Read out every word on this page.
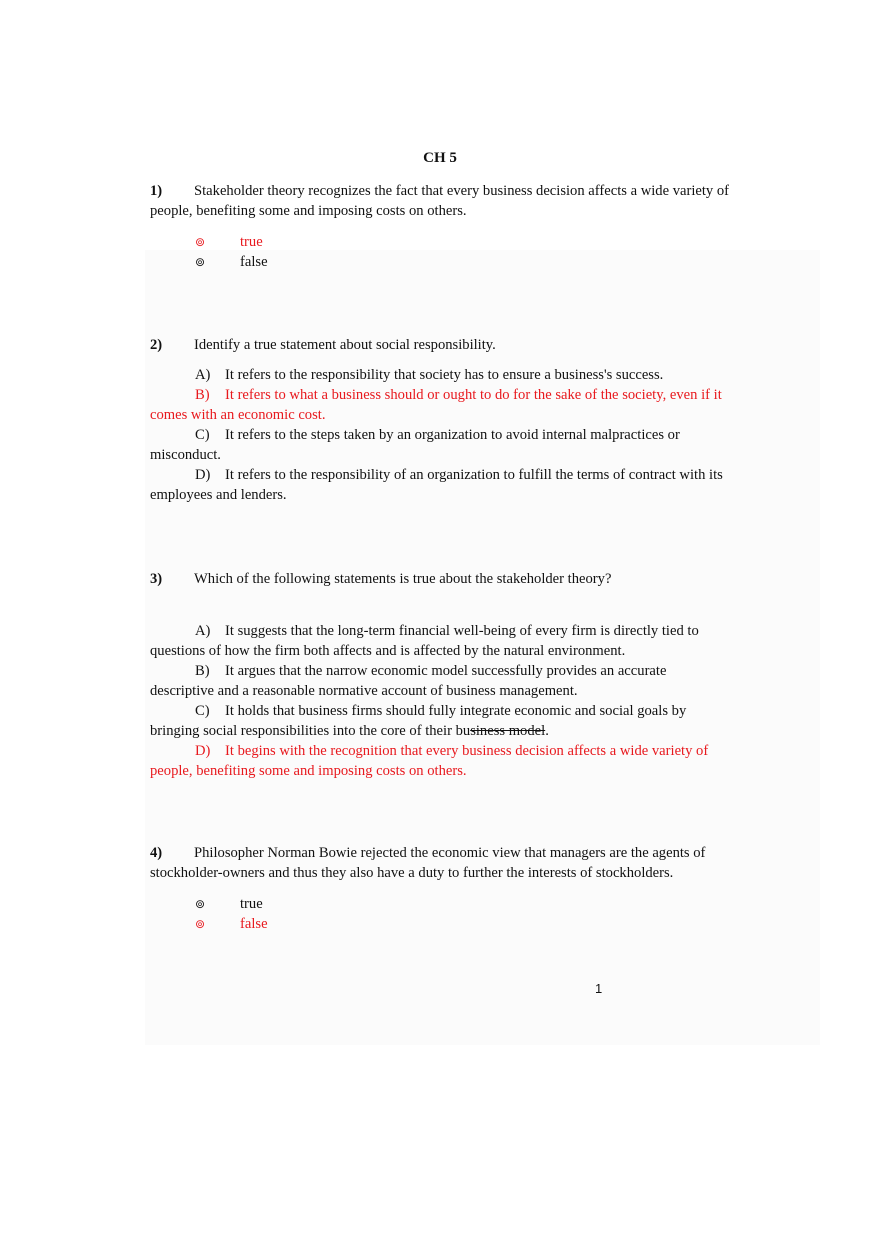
CH 5
1) Stakeholder theory recognizes the fact that every business decision affects a wide variety of people, benefiting some and imposing costs on others.
⊚	true
⊚	false
2) Identify a true statement about social responsibility.
A) It refers to the responsibility that society has to ensure a business's success.
B) It refers to what a business should or ought to do for the sake of the society, even if it comes with an economic cost.
C) It refers to the steps taken by an organization to avoid internal malpractices or misconduct.
D) It refers to the responsibility of an organization to fulfill the terms of contract with its employees and lenders.
3) Which of the following statements is true about the stakeholder theory?
A) It suggests that the long-term financial well-being of every firm is directly tied to questions of how the firm both affects and is affected by the natural environment.
B) It argues that the narrow economic model successfully provides an accurate descriptive and a reasonable normative account of business management.
C) It holds that business firms should fully integrate economic and social goals by bringing social responsibilities into the core of their business model.
D) It begins with the recognition that every business decision affects a wide variety of people, benefiting some and imposing costs on others.
4) Philosopher Norman Bowie rejected the economic view that managers are the agents of stockholder-owners and thus they also have a duty to further the interests of stockholders.
⊚	true
⊚	false
1
